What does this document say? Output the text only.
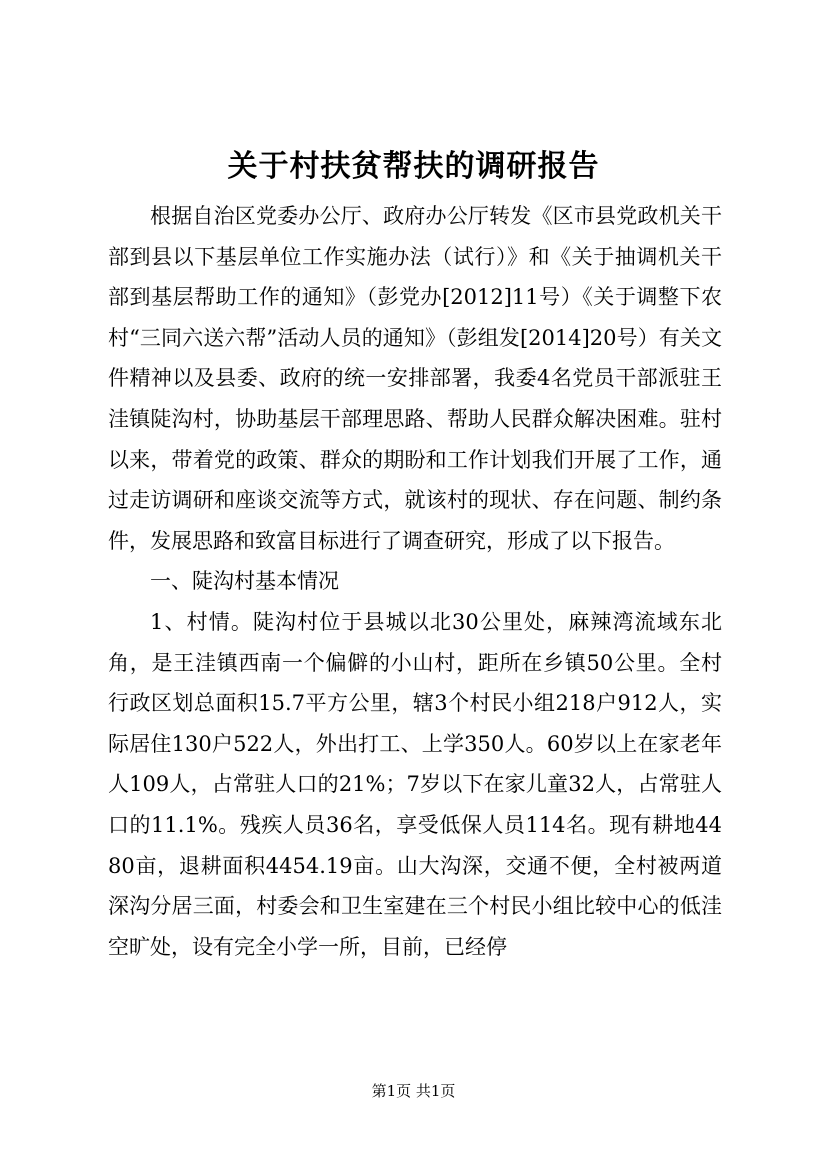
关于村扶贫帮扶的调研报告

根据自治区党委办公厅、政府办公厅转发《区市县党政机关干部到县以下基层单位工作实施办法（试行）》和《关于抽调机关干部到基层帮助工作的通知》（彭党办[2012]11号）《关于调整下农村“三同六送六帮”活动人员的通知》（彭组发[2014]20号）有关文件精神以及县委、政府的统一安排部署，我委4名党员干部派驻王洼镇陡沟村，协助基层干部理思路、帮助人民群众解决困难。驻村以来，带着党的政策、群众的期盼和工作计划我们开展了工作，通过走访调研和座谈交流等方式，就该村的现状、存在问题、制约条件，发展思路和致富目标进行了调查研究，形成了以下报告。

一、陡沟村基本情况

1、村情。陡沟村位于县城以北30公里处，麻辣湾流域东北角，是王洼镇西南一个偏僻的小山村，距所在乡镇50公里。全村行政区划总面积15.7平方公里，辖3个村民小组218户912人，实际居住130户522人，外出打工、上学350人。60岁以上在家老年人109人，占常驻人口的21%；7岁以下在家儿童32人，占常驻人口的11.1%。残疾人员36名，享受低保人员114名。现有耕地4480亩，退耕面积4454.19亩。山大沟深，交通不便，全村被两道深沟分居三面，村委会和卫生室建在三个村民小组比较中心的低洼空旷处，设有完全小学一所，目前，已经停

第1页 共1页
